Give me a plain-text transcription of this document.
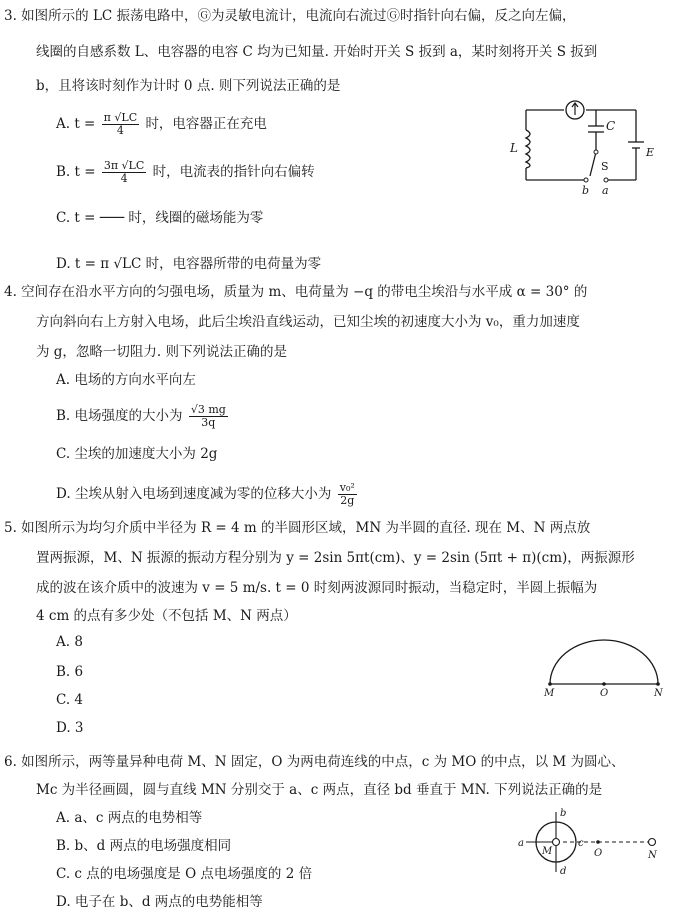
3. 如图所示的 LC 振荡电路中，Ⓖ为灵敏电流计，电流向右流过Ⓖ时指针向右偏，反之向左偏，
线圈的自感系数 L、电容器的电容 C 均为已知量. 开始时开关 S 扳到 a，某时刻将开关 S 扳到
b，且将该时刻作为计时 0 点. 则下列说法正确的是
A. $t = \frac{\pi √LC}{4}$ 时，电容器正在充电
B. $t = \frac{3\pi √LC}{4}$ 时，电流表的指针向右偏转
C. t = ─── 时，线圈的磁场能为零
D. t = π √LC 时，电容器所带的电荷量为零
L
C
S
E
b a
4. 空间存在沿水平方向的匀强电场，质量为 m、电荷量为 −q 的带电尘埃沿与水平成 α = 30° 的
方向斜向右上方射入电场，此后尘埃沿直线运动，已知尘埃的初速度大小为 v₀，重力加速度
为 g，忽略一切阻力. 则下列说法正确的是
A. 电场的方向水平向左
B. 电场强度的大小为 $\frac{√3 mg}{3q}$
C. 尘埃的加速度大小为 2g
D. 尘埃从射入电场到速度减为零的位移大小为 $\frac{\text{v₀²}}{2g}$
5. 如图所示为均匀介质中半径为 R = 4 m 的半圆形区域，MN 为半圆的直径. 现在 M、N 两点放
置两振源，M、N 振源的振动方程分别为 y = 2sin 5πt(cm)、y = 2sin (5πt + π)(cm)，两振源形
成的波在该介质中的波速为 v = 5 m/s. t = 0 时刻两波源同时振动，当稳定时，半圆上振幅为
4 cm 的点有多少处（不包括 M、N 两点）
A. 8
B. 6
C. 4
D. 3
M	O	N
6. 如图所示，两等量异种电荷 M、N 固定，O 为两电荷连线的中点，c 为 MO 的中点，以 M 为圆心、
Mc 为半径画圆，圆与直线 MN 分别交于 a、c 两点，直径 bd 垂直于 MN. 下列说法正确的是
A. a、c 两点的电势相等
B. b、d 两点的电场强度相同
C. c 点的电场强度是 O 点电场强度的 2 倍
D. 电子在 b、d 两点的电势能相等
b
d
a	c
M	O	N
